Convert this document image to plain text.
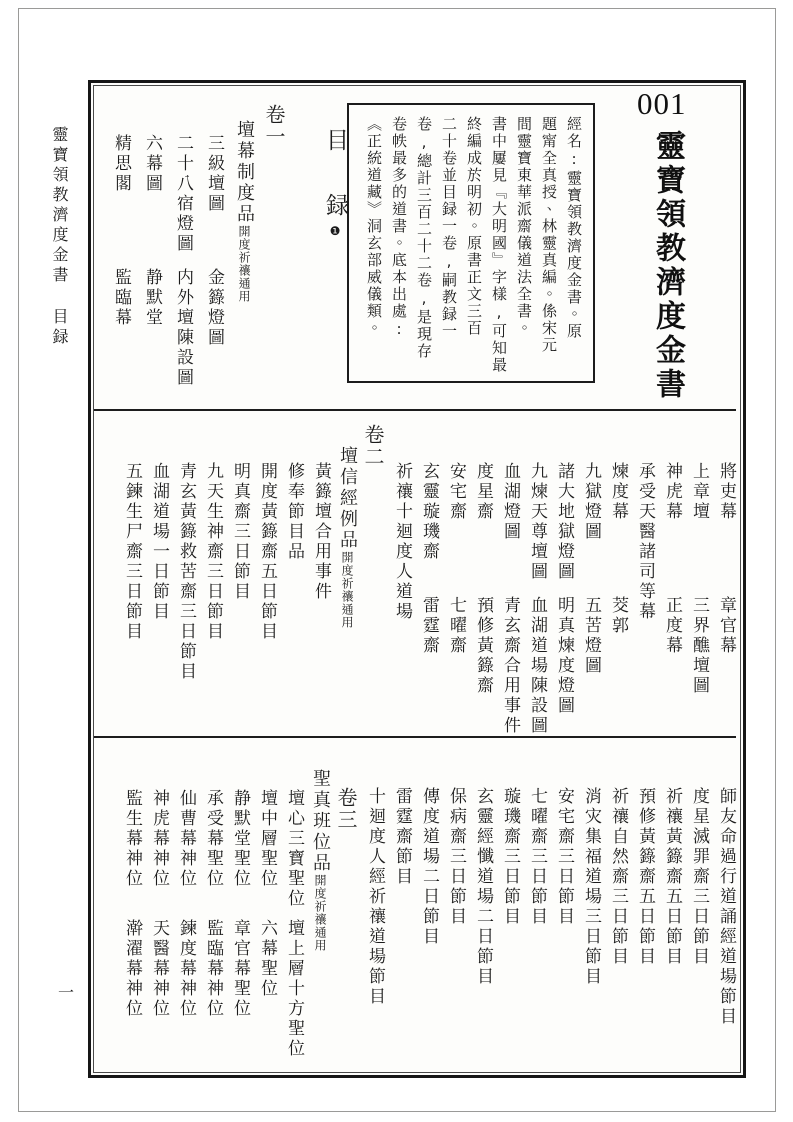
靈寶領教濟度金書目録
一
001
靈寶領教濟度金書
經名:靈寶領教濟度金書。原
題甯全真授、林靈真編。係宋元
間靈寶東華派齋儀道法全書。
書中屢見『大明國』字樣,可知最
終編成於明初。原書正文三百
二十卷並目録一卷,嗣教録一
卷,總計三百二十二卷,是現存
卷帙最多的道書。底本出處:
《正統道藏》洞玄部威儀類。
目 録❶
卷一
壇幕制度品開度祈禳通用
三級壇圖金籙燈圖
二十八宿燈圖内外壇陳設圖
六幕圖静默堂
精思閣監臨幕
將吏幕章官幕
上章壇三界醮壇圖
神虎幕正度幕
承受天醫諸司等幕
煉度幕茭郭
九獄燈圖五苦燈圖
諸大地獄燈圖明真煉度燈圖
九煉天尊壇圖血湖道場陳設圖
血湖燈圖青玄齋合用事件
度星齋預修黃籙齋
安宅齋七曜齋
玄靈璇璣齋雷霆齋
祈禳十迴度人道場
卷二
壇信經例品開度祈禳通用
黃籙壇合用事件
修奉節目品
開度黃籙齋五日節目
明真齋三日節目
九天生神齋三日節目
青玄黃籙救苦齋三日節目
血湖道場一日節目
五鍊生尸齋三日節目
師友命過行道誦經道場節目
度星滅罪齋三日節目
祈禳黃籙齋五日節目
預修黃籙齋五日節目
祈禳自然齋三日節目
消灾集福道場三日節目
安宅齋三日節目
七曜齋三日節目
璇璣齋三日節目
玄靈經懺道場二日節目
保病齋三日節目
傳度道場二日節目
雷霆齋節目
十迴度人經祈禳道場節目
卷三
聖真班位品開度祈禳通用
壇心三寶聖位壇上層十方聖位
壇中層聖位六幕聖位
静默堂聖位章官幕聖位
承受幕聖位監臨幕神位
仙曹幕神位鍊度幕神位
神虎幕神位天醫幕神位
監生幕神位澣濯幕神位
